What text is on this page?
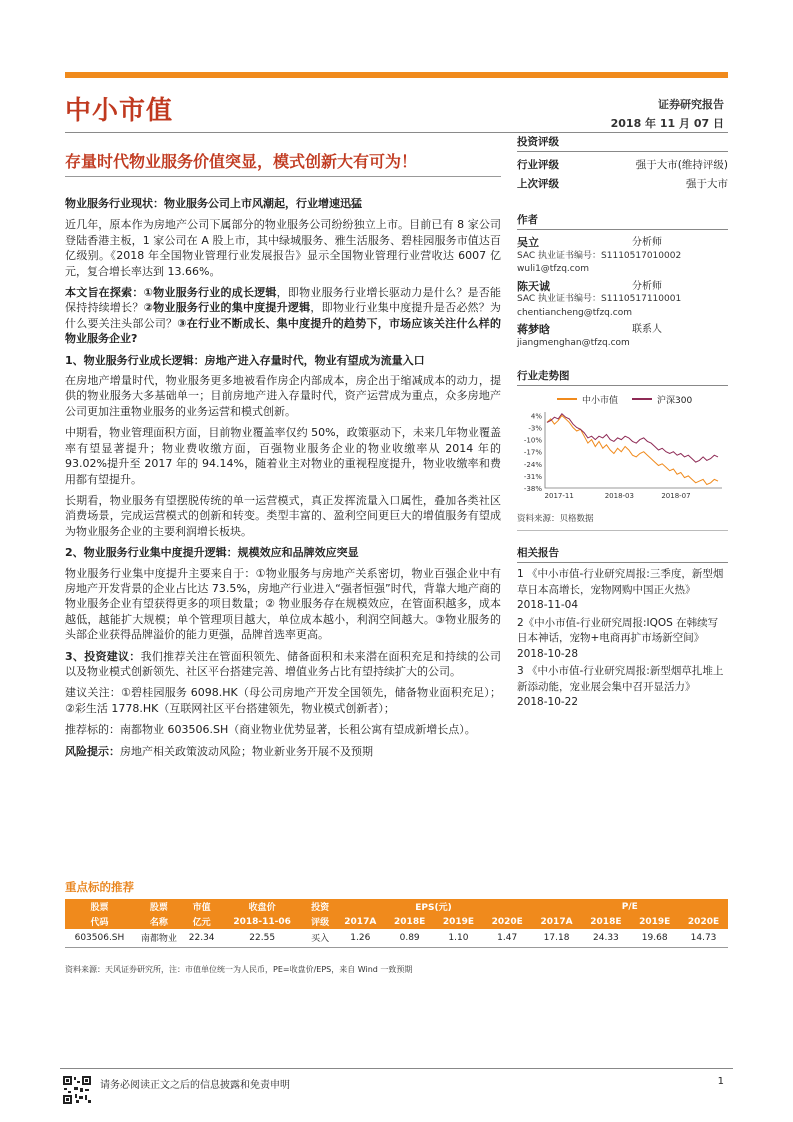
中小市值	证券研究报告
2018 年 11 月 07 日
存量时代物业服务价值突显，模式创新大有可为！
物业服务行业现状：物业服务公司上市风潮起，行业增速迅猛

近几年，原本作为房地产公司下属部分的物业服务公司纷纷独立上市。目前已有 8 家公司登陆香港主板，1 家公司在 A 股上市，其中绿城服务、雅生活服务、碧桂园服务市值达百亿级别。《2018 年全国物业管理行业发展报告》显示全国物业管理行业营收达 6007 亿元，复合增长率达到 13.66%。

本文旨在探索：①物业服务行业的成长逻辑，即物业服务行业增长驱动力是什么？是否能保持持续增长？②物业服务行业的集中度提升逻辑，即物业行业集中度提升是否必然？为什么要关注头部公司？③在行业不断成长、集中度提升的趋势下，市场应该关注什么样的物业服务企业?

1、物业服务行业成长逻辑：房地产进入存量时代，物业有望成为流量入口

在房地产增量时代，物业服务更多地被看作房企内部成本，房企出于缩减成本的动力，提供的物业服务大多基础单一；目前房地产进入存量时代，资产运营成为重点，众多房地产公司更加注重物业服务的业务运营和模式创新。

中期看，物业管理面积方面，目前物业覆盖率仅约 50%，政策驱动下，未来几年物业覆盖率有望显著提升；物业费收缴方面，百强物业服务企业的物业收缴率从 2014 年的 93.02%提升至 2017 年的 94.14%，随着业主对物业的重视程度提升，物业收缴率和费用都有望提升。

长期看，物业服务有望摆脱传统的单一运营模式，真正发挥流量入口属性，叠加各类社区消费场景，完成运营模式的创新和转变。类型丰富的、盈利空间更巨大的增值服务有望成为物业服务企业的主要利润增长板块。

2、物业服务行业集中度提升逻辑：规模效应和品牌效应突显

物业服务行业集中度提升主要来自于：①物业服务与房地产关系密切，物业百强企业中有房地产开发背景的企业占比达 73.5%，房地产行业进入“强者恒强”时代，背靠大地产商的物业服务企业有望获得更多的项目数量；② 物业服务存在规模效应，在管面积越多，成本越低，越能扩大规模；单个管理项目越大，单位成本越小，利润空间越大。③物业服务的头部企业获得品牌溢价的能力更强，品牌首选率更高。

3、投资建议：我们推荐关注在管面积领先、储备面积和未来潜在面积充足和持续的公司以及物业模式创新领先、社区平台搭建完善、增值业务占比有望持续扩大的公司。

建议关注：①碧桂园服务 6098.HK（母公司房地产开发全国领先，储备物业面积充足）；②彩生活 1778.HK（互联网社区平台搭建领先，物业模式创新者）；

推荐标的：南都物业 603506.SH（商业物业优势显著，长租公寓有望成新增长点）。

风险提示：房地产相关政策波动风险；物业新业务开展不及预期

投资评级
行业评级	强于大市(维持评级)
上次评级	强于大市
作者
吴立	分析师
SAC 执业证书编号：S1110517010002
wuli1@tfzq.com
陈天诚	分析师
SAC 执业证书编号：S1110517110001
chentiancheng@tfzq.com
蒋梦晗	联系人
jiangmenghan@tfzq.com
行业走势图
中小市值	沪深300
4%
-3%
-10%
-17%
-24%
-31%
-38%
2017-11	2018-03	2018-07
资料来源：贝格数据
相关报告
1 《中小市值-行业研究周报:三季度，新型烟草日本高增长，宠物网购中国正火热》 2018-11-04
2《中小市值-行业研究周报:IQOS 在韩续写日本神话，宠物+电商再扩市场新空间》 2018-10-28
3 《中小市值-行业研究周报:新型烟草扎堆上新添动能，宠业展会集中召开显活力》 2018-10-22
重点标的推荐
股票	股票	市值	收盘价	投资	EPS(元)				P/E			
代码	名称	亿元	2018-11-06	评级	2017A	2018E	2019E	2020E	2017A	2018E	2019E	2020E
603506.SH	南都物业	22.34	22.55	买入	1.26	0.89	1.10	1.47	17.18	24.33	19.68	14.73
资料来源：天风证券研究所，注：市值单位统一为人民币，PE=收盘价/EPS，来自 Wind 一致预期
请务必阅读正文之后的信息披露和免责申明	1
